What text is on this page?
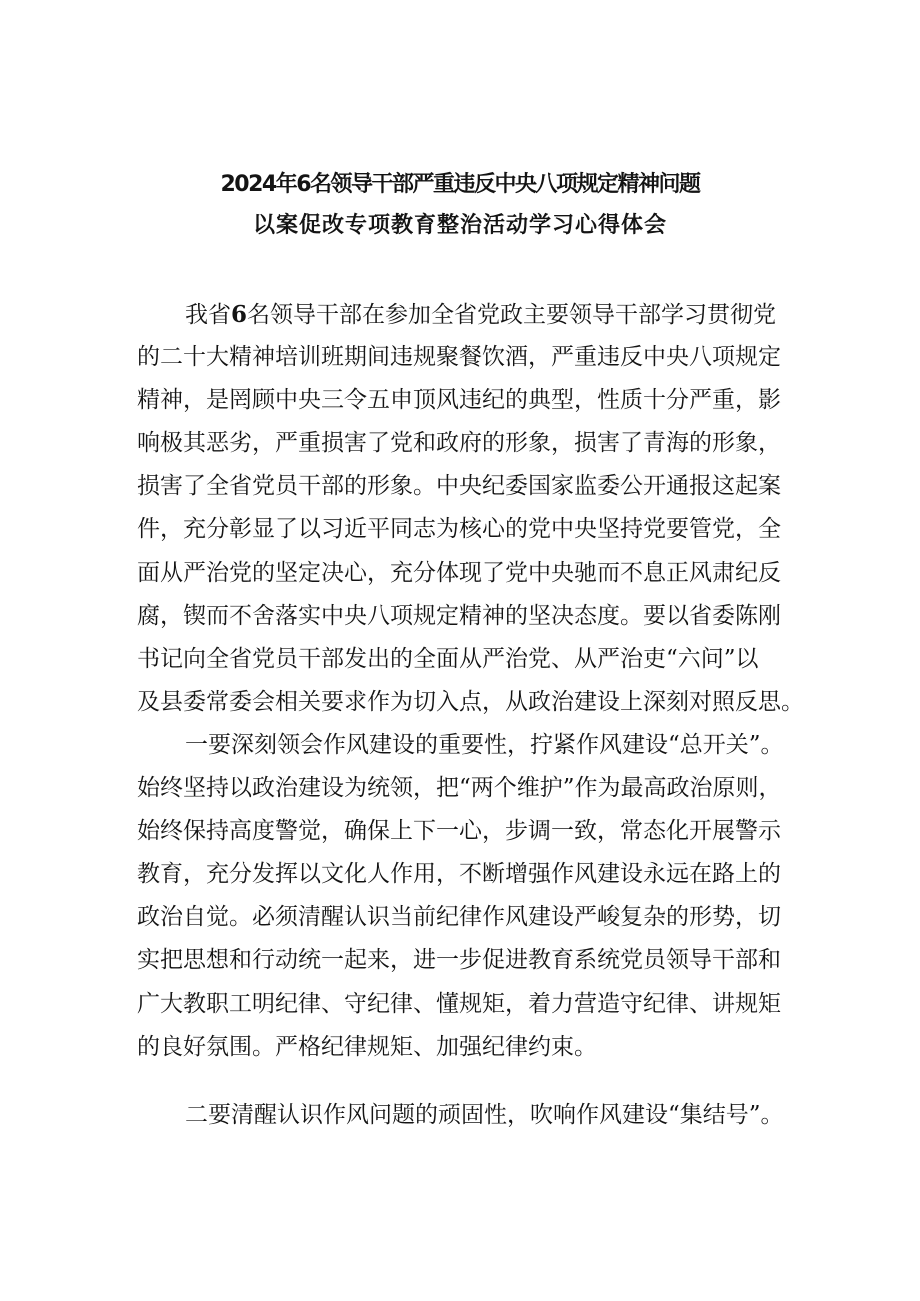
2024年6名领导干部严重违反中央八项规定精神问题
以案促改专项教育整治活动学习心得体会
我省6名领导干部在参加全省党政主要领导干部学习贯彻党
的二十大精神培训班期间违规聚餐饮酒，严重违反中央八项规定
精神，是罔顾中央三令五申顶风违纪的典型，性质十分严重，影
响极其恶劣，严重损害了党和政府的形象，损害了青海的形象，
损害了全省党员干部的形象。中央纪委国家监委公开通报这起案
件，充分彰显了以习近平同志为核心的党中央坚持党要管党，全
面从严治党的坚定决心，充分体现了党中央驰而不息正风肃纪反
腐，锲而不舍落实中央八项规定精神的坚决态度。要以省委陈刚
书记向全省党员干部发出的全面从严治党、从严治吏“六问”以
及县委常委会相关要求作为切入点，从政治建设上深刻对照反思。
一要深刻领会作风建设的重要性，拧紧作风建设“总开关”。
始终坚持以政治建设为统领，把“两个维护”作为最高政治原则，
始终保持高度警觉，确保上下一心，步调一致，常态化开展警示
教育，充分发挥以文化人作用，不断增强作风建设永远在路上的
政治自觉。必须清醒认识当前纪律作风建设严峻复杂的形势，切
实把思想和行动统一起来，进一步促进教育系统党员领导干部和
广大教职工明纪律、守纪律、懂规矩，着力营造守纪律、讲规矩
的良好氛围。严格纪律规矩、加强纪律约束。
二要清醒认识作风问题的顽固性，吹响作风建设“集结号”。
